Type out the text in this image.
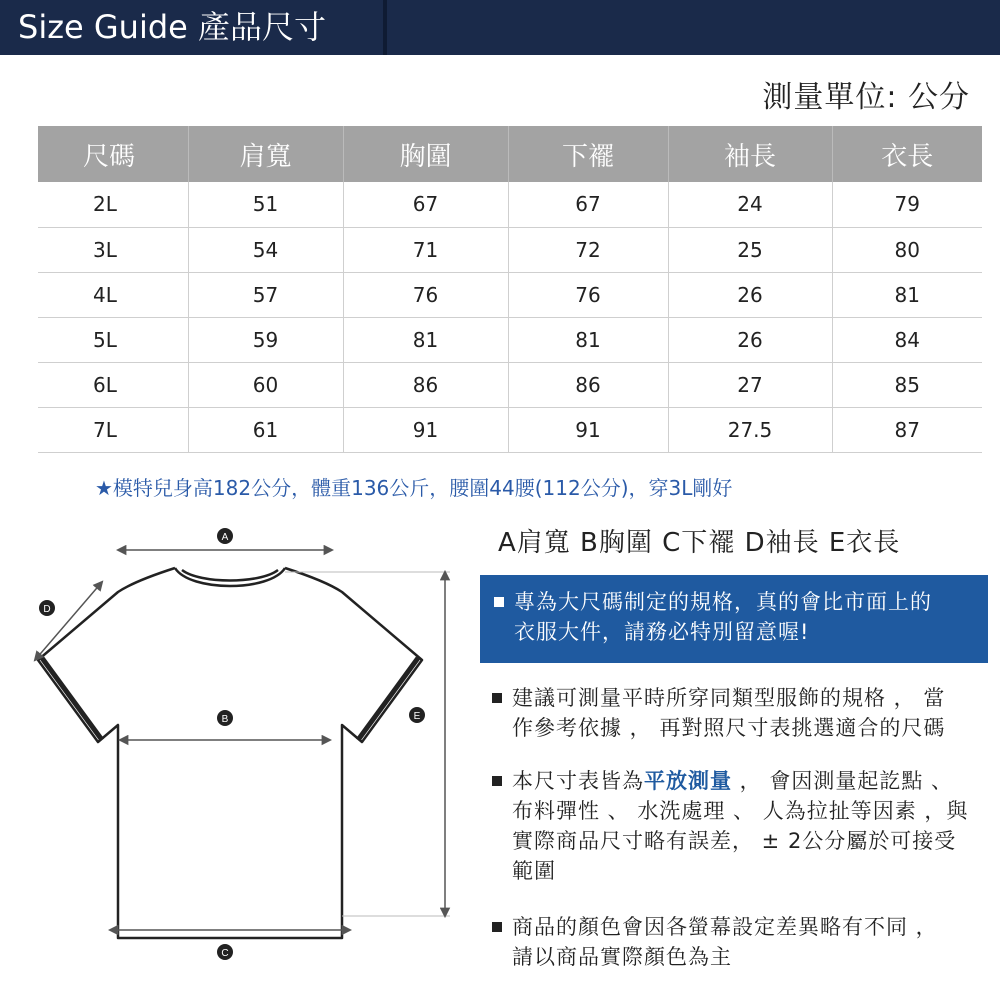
Size Guide 產品尺寸
測量單位: 公分
尺碼	肩寬	胸圍	下襬	袖長	衣長
2L	51	67	67	24	79
3L	54	71	72	25	80
4L	57	76	76	26	81
5L	59	81	81	26	84
6L	60	86	86	27	85
7L	61	91	91	27.5	87
★模特兒身高182公分，體重136公斤，腰圍44腰(112公分)，穿3L剛好
A
B
C
D
E
A肩寬 B胸圍 C下襬 D袖長 E衣長
專為大尺碼制定的規格，真的會比市面上的
衣服大件，請務必特別留意喔!
建議可測量平時所穿同類型服飾的規格 ， 當
作參考依據 ， 再對照尺寸表挑選適合的尺碼
本尺寸表皆為平放測量 ， 會因測量起訖點 、
布料彈性 、 水洗處理 、 人為拉扯等因素 ，與
實際商品尺寸略有誤差， ± 2公分屬於可接受
範圍
商品的顏色會因各螢幕設定差異略有不同 ，
請以商品實際顏色為主
